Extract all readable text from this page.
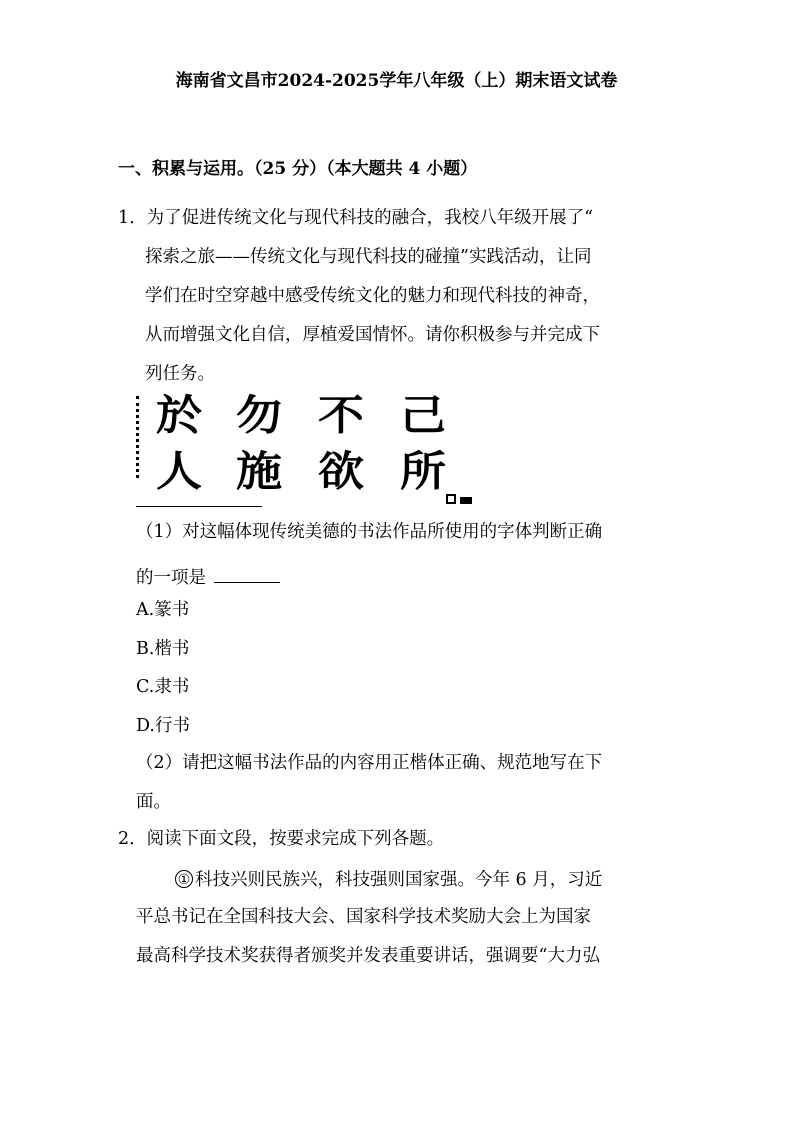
海南省文昌市2024-2025学年八年级（上）期末语文试卷
一、积累与运用。（25 分）（本大题共 4 小题）
1．为了促进传统文化与现代科技的融合，我校八年级开展了“
探索之旅——传统文化与现代科技的碰撞”实践活动，让同
学们在时空穿越中感受传统文化的魅力和现代科技的神奇，
从而增强文化自信，厚植爱国情怀。请你积极参与并完成下
列任务。
於 勿 不 己
人 施 欲 所
（1）对这幅体现传统美德的书法作品所使用的字体判断正确
的一项是
A.篆书
B.楷书
C.隶书
D.行书
（2）请把这幅书法作品的内容用正楷体正确、规范地写在下
面。
2．阅读下面文段，按要求完成下列各题。
① 科技兴则民族兴，科技强则国家强。今年 6 月，习近
平总书记在全国科技大会、国家科学技术奖励大会上为国家
最高科学技术奖获得者颁奖并发表重要讲话，强调要“大力弘
